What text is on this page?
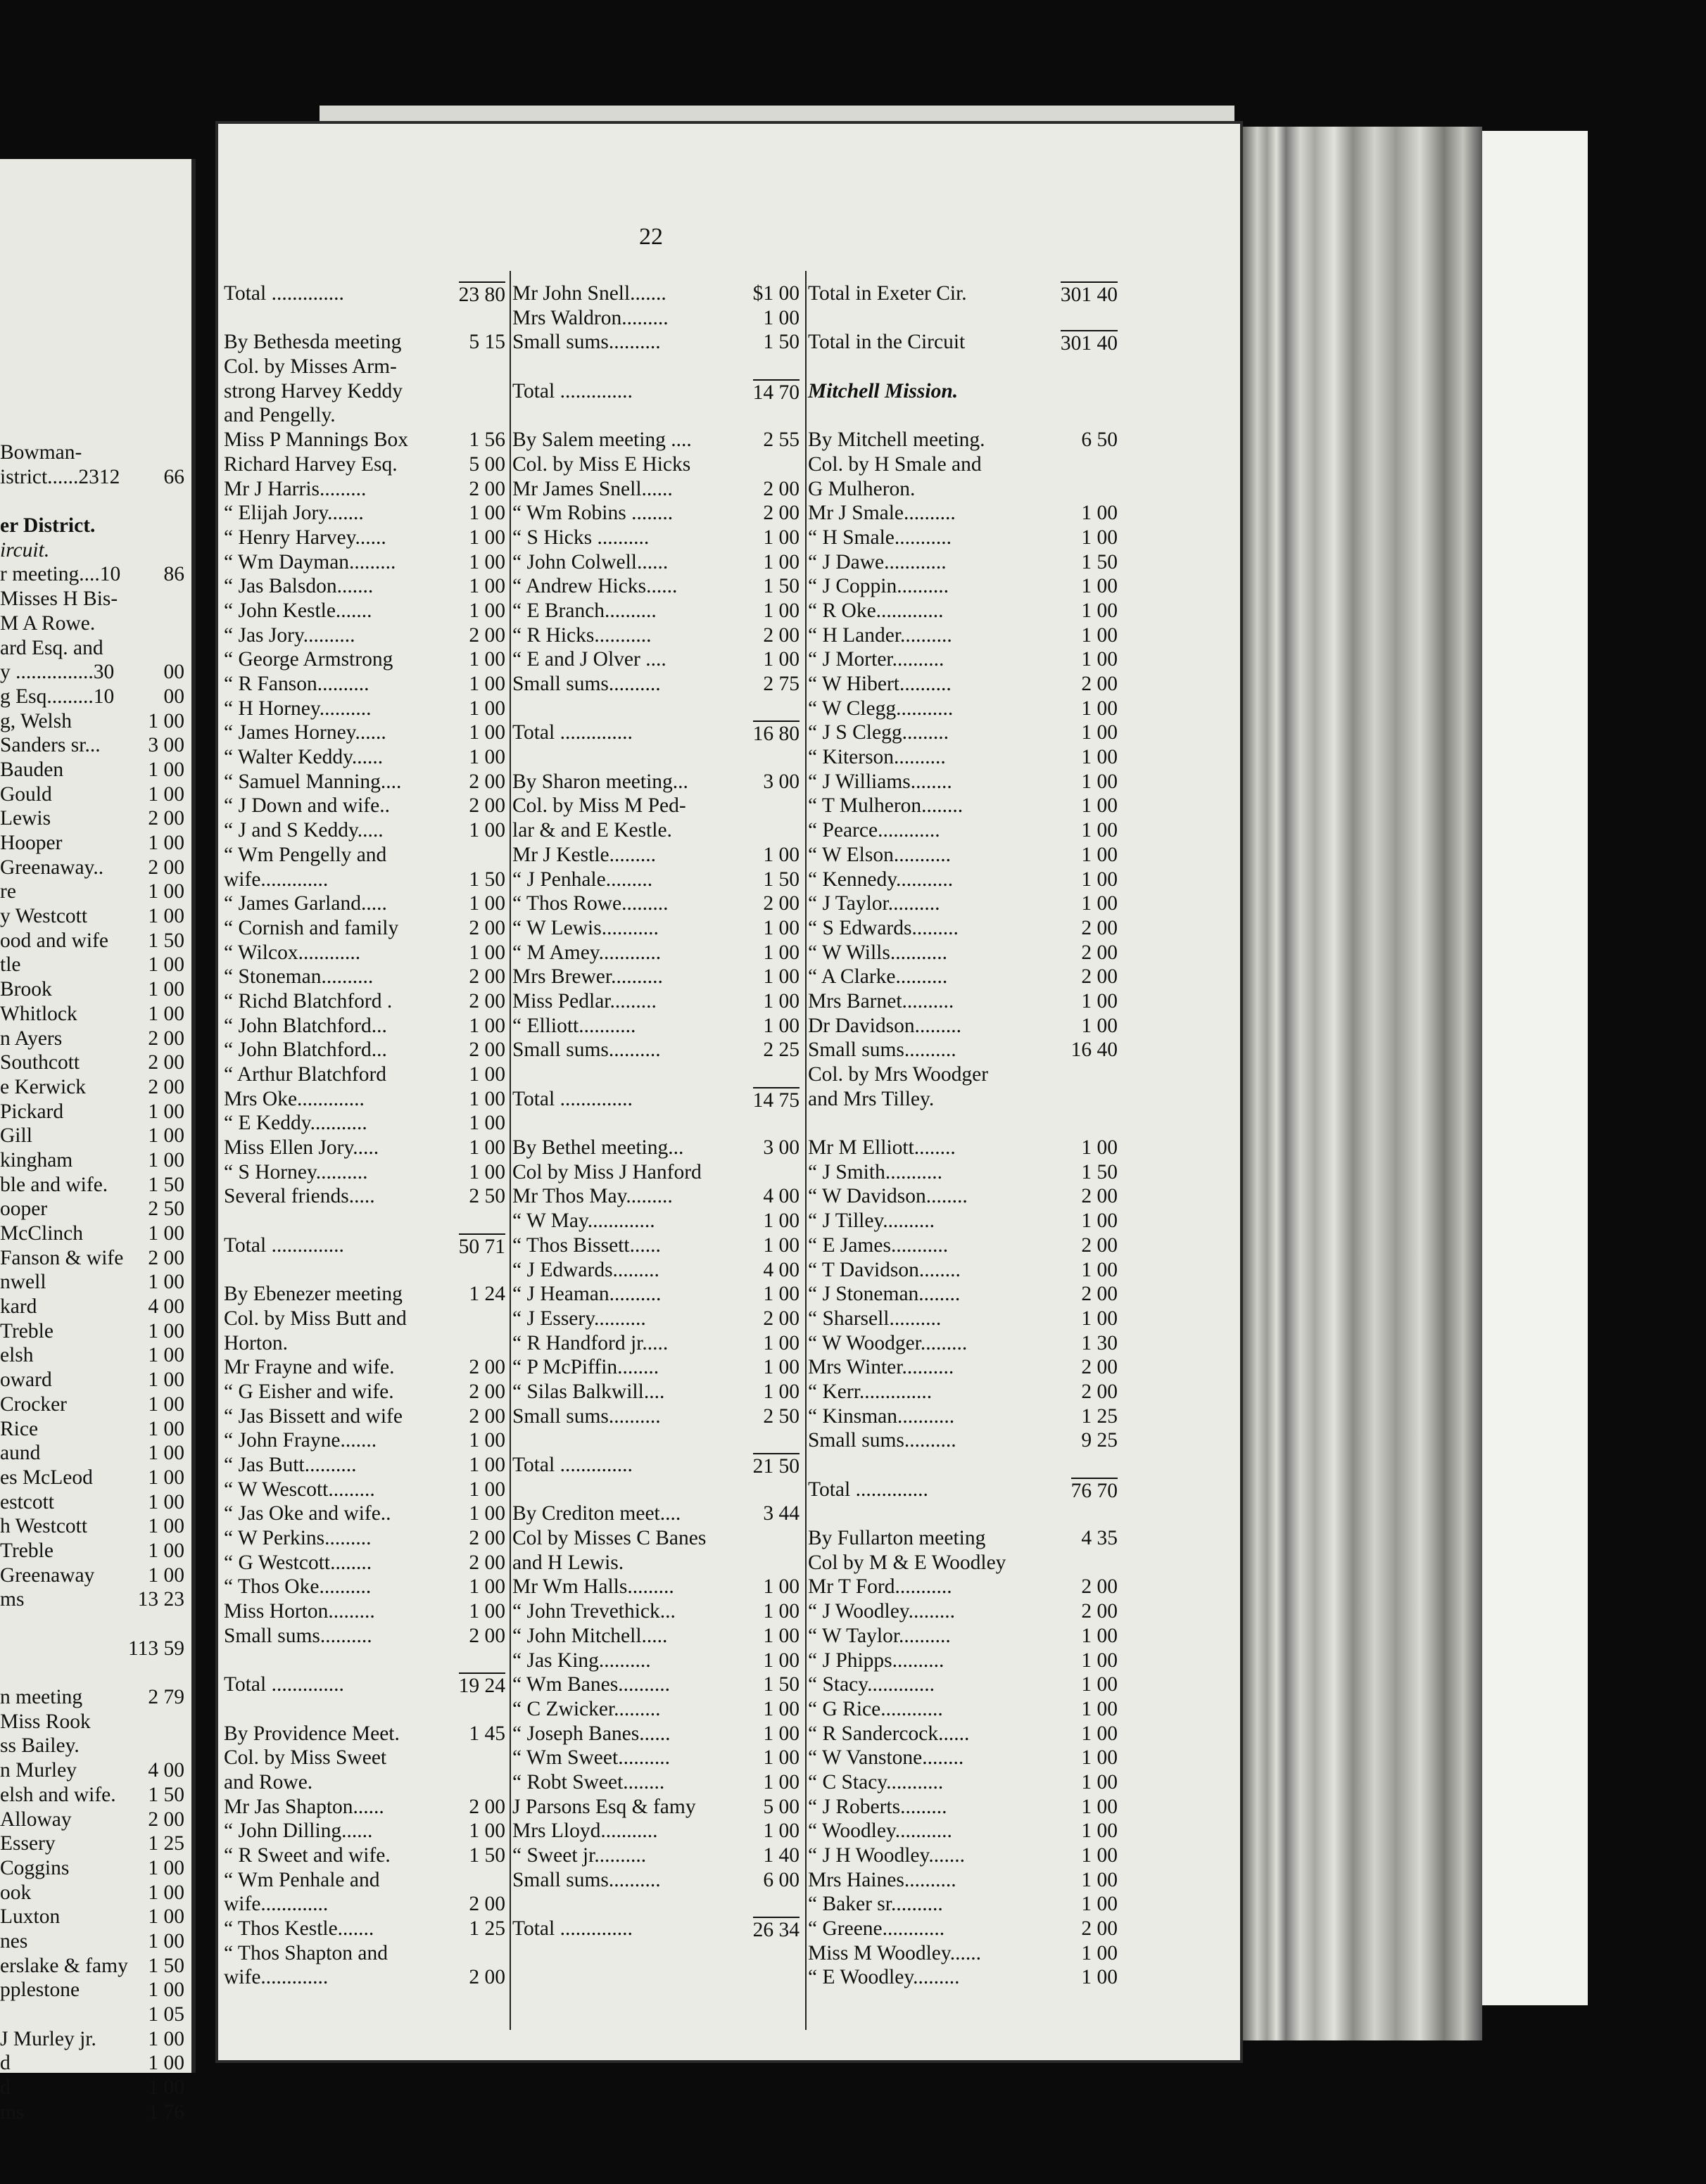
Bowman-
istrict......2312	66
er District.
ircuit.
r meeting....10	86
Misses H Bis-
M A Rowe.
ard Esq. and
y ...............30	00
g Esq.........10	00
g, Welsh	1 00
Sanders sr...	3 00
Bauden	1 00
Gould	1 00
Lewis	2 00
Hooper	1 00
Greenaway..	2 00
re	1 00
y Westcott	1 00
ood and wife	1 50
tle	1 00
Brook	1 00
Whitlock	1 00
n Ayers	2 00
Southcott	2 00
e Kerwick	2 00
Pickard	1 00
Gill	1 00
kingham	1 00
ble and wife.	1 50
ooper	2 50
McClinch	1 00
Fanson & wife	2 00
nwell	1 00
kard	4 00
Treble	1 00
elsh	1 00
oward	1 00
Crocker	1 00
Rice	1 00
aund	1 00
es McLeod	1 00
estcott	1 00
h Westcott	1 00
Treble	1 00
Greenaway	1 00
ms	13 23
113 59
n meeting	2 79
Miss Rook
ss Bailey.
n Murley	4 00
elsh and wife.	1 50
Alloway	2 00
Essery	1 25
Coggins	1 00
ook	1 00
Luxton	1 00
nes	1 00
erslake & famy 1 50
pplestone	1 00
1 05
J Murley jr.	1 00
d	1 00
d	1 00
ms	1 76
22
Total ..............	23 80
By Bethesda meeting	5 15
Col. by Misses Arm-
strong Harvey Keddy
and Pengelly.
Miss P Mannings Box	1 56
Richard Harvey Esq.	5 00
Mr J Harris.........	2 00
“ Elijah Jory.......	1 00
“ Henry Harvey......	1 00
“ Wm Dayman.........	1 00
“ Jas Balsdon.......	1 00
“ John Kestle.......	1 00
“ Jas Jory..........	2 00
“ George Armstrong	1 00
“ R Fanson..........	1 00
“ H Horney..........	1 00
“ James Horney......	1 00
“ Walter Keddy......	1 00
“ Samuel Manning....	2 00
“ J Down and wife..	2 00
“ J and S Keddy.....	1 00
“ Wm Pengelly and
wife.............	1 50
“ James Garland.....	1 00
“ Cornish and family	2 00
“ Wilcox............	1 00
“ Stoneman..........	2 00
“ Richd Blatchford .	2 00
“ John Blatchford...	1 00
“ John Blatchford...	2 00
“ Arthur Blatchford	1 00
Mrs Oke.............	1 00
“ E Keddy...........	1 00
Miss Ellen Jory.....	1 00
“ S Horney..........	1 00
Several friends.....	2 50
Total ..............	50 71
By Ebenezer meeting	1 24
Col. by Miss Butt and
Horton.
Mr Frayne and wife.	2 00
“ G Eisher and wife.	2 00
“ Jas Bissett and wife	2 00
“ John Frayne.......	1 00
“ Jas Butt..........	1 00
“ W Wescott.........	1 00
“ Jas Oke and wife..	1 00
“ W Perkins.........	2 00
“ G Westcott........	2 00
“ Thos Oke..........	1 00
Miss Horton.........	1 00
Small sums..........	2 00
Total ..............	19 24
By Providence Meet.	1 45
Col. by Miss Sweet
and Rowe.
Mr Jas Shapton......	2 00
“ John Dilling......	1 00
“ R Sweet and wife.	1 50
“ Wm Penhale and
wife.............	2 00
“ Thos Kestle.......	1 25
“ Thos Shapton and
wife.............	2 00
Mr John Snell.......	$1 00
Mrs Waldron.........	1 00
Small sums..........	1 50
Total ..............	14 70
By Salem meeting ....	2 55
Col. by Miss E Hicks
Mr James Snell......	2 00
“ Wm Robins ........	2 00
“ S Hicks ..........	1 00
“ John Colwell......	1 00
“ Andrew Hicks......	1 50
“ E Branch..........	1 00
“ R Hicks...........	2 00
“ E and J Olver ....	1 00
Small sums..........	2 75
Total ..............	16 80
By Sharon meeting...	3 00
Col. by Miss M Ped-
lar & and E Kestle.
Mr J Kestle.........	1 00
“ J Penhale.........	1 50
“ Thos Rowe.........	2 00
“ W Lewis...........	1 00
“ M Amey............	1 00
Mrs Brewer..........	1 00
Miss Pedlar.........	1 00
“ Elliott...........	1 00
Small sums..........	2 25
Total ..............	14 75
By Bethel meeting...	3 00
Col by Miss J Hanford
Mr Thos May.........	4 00
“ W May.............	1 00
“ Thos Bissett......	1 00
“ J Edwards.........	4 00
“ J Heaman..........	1 00
“ J Essery..........	2 00
“ R Handford jr.....	1 00
“ P McPiffin........	1 00
“ Silas Balkwill....	1 00
Small sums..........	2 50
Total ..............	21 50
By Crediton meet....	3 44
Col by Misses C Banes
and H Lewis.
Mr Wm Halls.........	1 00
“ John Trevethick...	1 00
“ John Mitchell.....	1 00
“ Jas King..........	1 00
“ Wm Banes..........	1 50
“ C Zwicker.........	1 00
“ Joseph Banes......	1 00
“ Wm Sweet..........	1 00
“ Robt Sweet........	1 00
J Parsons Esq & famy	5 00
Mrs Lloyd...........	1 00
“ Sweet jr..........	1 40
Small sums..........	6 00
Total ..............	26 34
Total in Exeter Cir.	301 40
Total in the Circuit	301 40
Mitchell Mission.
By Mitchell meeting.	6 50
Col. by H Smale and
G Mulheron.
Mr J Smale..........	1 00
“ H Smale...........	1 00
“ J Dawe............	1 50
“ J Coppin..........	1 00
“ R Oke.............	1 00
“ H Lander..........	1 00
“ J Morter..........	1 00
“ W Hibert..........	2 00
“ W Clegg...........	1 00
“ J S Clegg.........	1 00
“ Kiterson..........	1 00
“ J Williams........	1 00
“ T Mulheron........	1 00
“ Pearce............	1 00
“ W Elson...........	1 00
“ Kennedy...........	1 00
“ J Taylor..........	1 00
“ S Edwards.........	2 00
“ W Wills...........	2 00
“ A Clarke..........	2 00
Mrs Barnet..........	1 00
Dr Davidson.........	1 00
Small sums..........	16 40
Col. by Mrs Woodger
and Mrs Tilley.
Mr M Elliott........	1 00
“ J Smith...........	1 50
“ W Davidson........	2 00
“ J Tilley..........	1 00
“ E James...........	2 00
“ T Davidson........	1 00
“ J Stoneman........	2 00
“ Sharsell..........	1 00
“ W Woodger.........	1 30
Mrs Winter..........	2 00
“ Kerr..............	2 00
“ Kinsman...........	1 25
Small sums..........	9 25
Total ..............	76 70
By Fullarton meeting	4 35
Col by M & E Woodley
Mr T Ford...........	2 00
“ J Woodley.........	2 00
“ W Taylor..........	1 00
“ J Phipps..........	1 00
“ Stacy.............	1 00
“ G Rice............	1 00
“ R Sandercock......	1 00
“ W Vanstone........	1 00
“ C Stacy...........	1 00
“ J Roberts.........	1 00
“ Woodley...........	1 00
“ J H Woodley.......	1 00
Mrs Haines..........	1 00
“ Baker sr..........	1 00
“ Greene............	2 00
Miss M Woodley......	1 00
“ E Woodley.........	1 00
